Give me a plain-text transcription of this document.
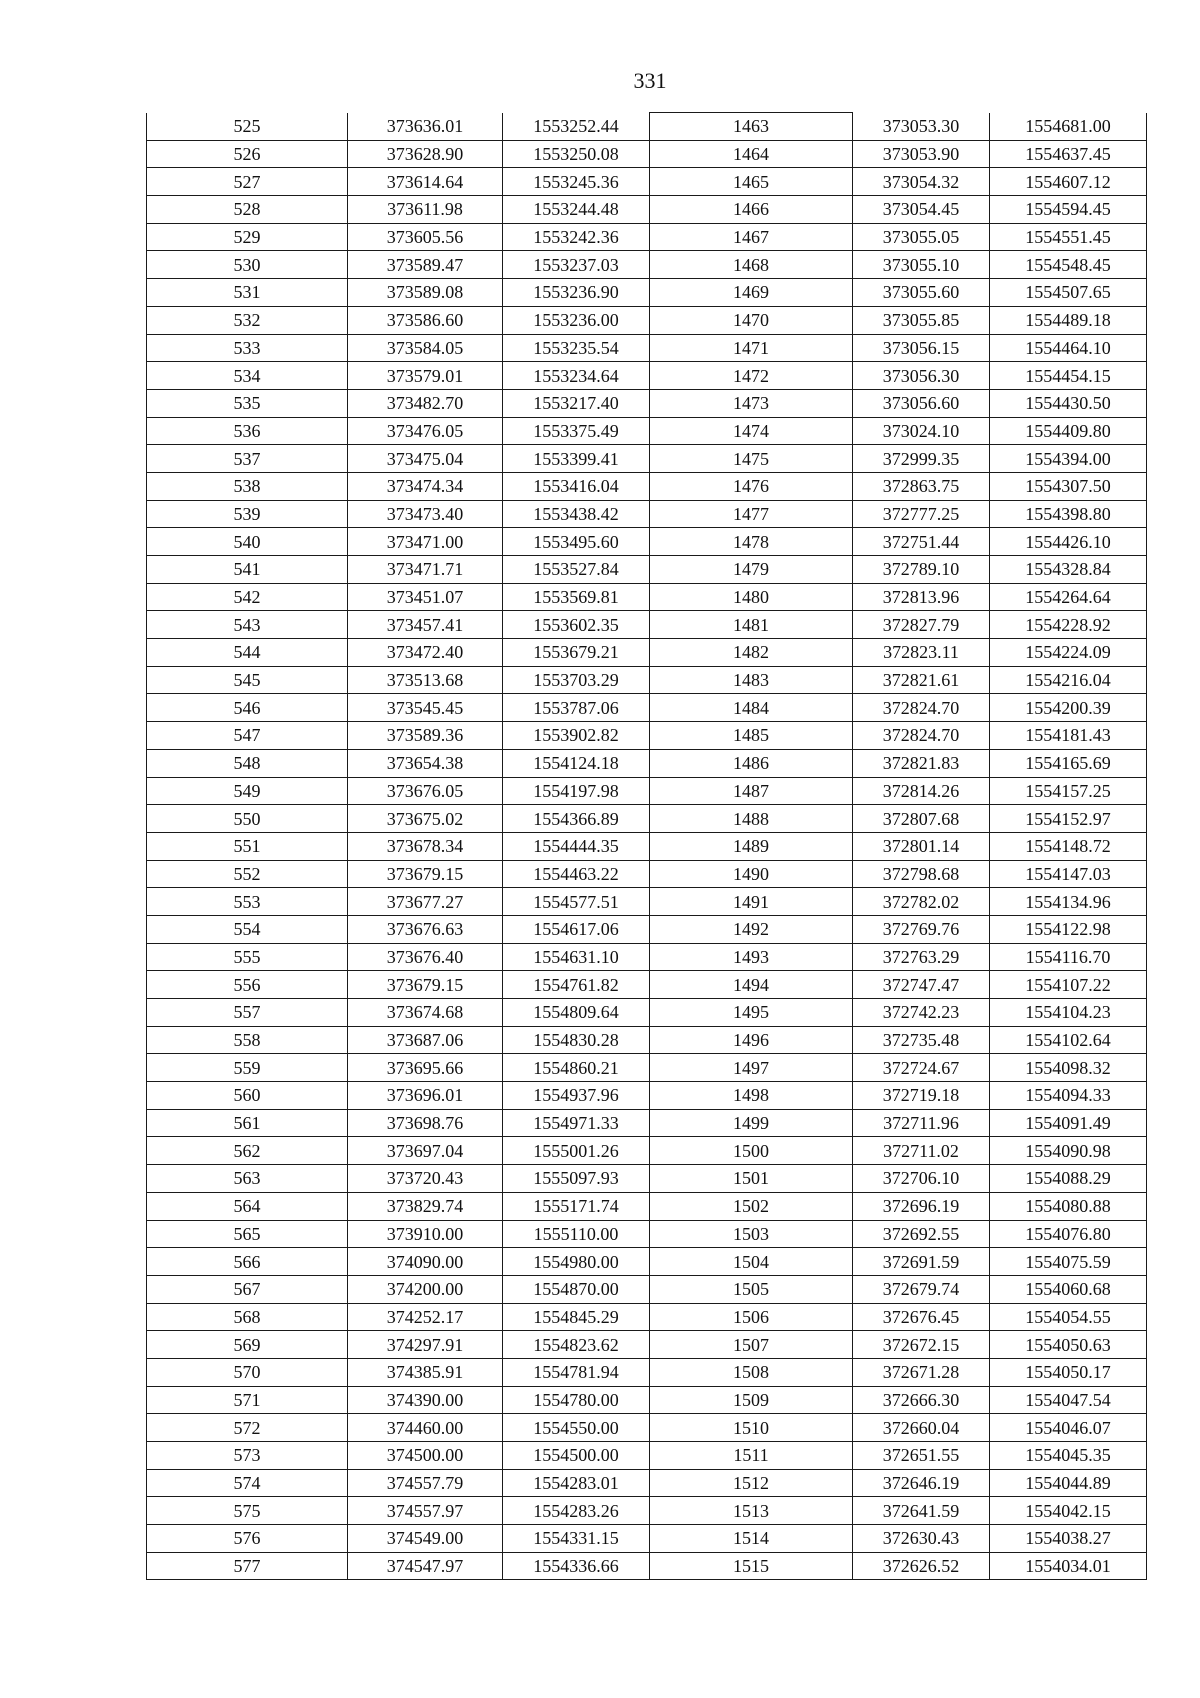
331
525	373636.01	1553252.44	1463	373053.30	1554681.00
526	373628.90	1553250.08	1464	373053.90	1554637.45
527	373614.64	1553245.36	1465	373054.32	1554607.12
528	373611.98	1553244.48	1466	373054.45	1554594.45
529	373605.56	1553242.36	1467	373055.05	1554551.45
530	373589.47	1553237.03	1468	373055.10	1554548.45
531	373589.08	1553236.90	1469	373055.60	1554507.65
532	373586.60	1553236.00	1470	373055.85	1554489.18
533	373584.05	1553235.54	1471	373056.15	1554464.10
534	373579.01	1553234.64	1472	373056.30	1554454.15
535	373482.70	1553217.40	1473	373056.60	1554430.50
536	373476.05	1553375.49	1474	373024.10	1554409.80
537	373475.04	1553399.41	1475	372999.35	1554394.00
538	373474.34	1553416.04	1476	372863.75	1554307.50
539	373473.40	1553438.42	1477	372777.25	1554398.80
540	373471.00	1553495.60	1478	372751.44	1554426.10
541	373471.71	1553527.84	1479	372789.10	1554328.84
542	373451.07	1553569.81	1480	372813.96	1554264.64
543	373457.41	1553602.35	1481	372827.79	1554228.92
544	373472.40	1553679.21	1482	372823.11	1554224.09
545	373513.68	1553703.29	1483	372821.61	1554216.04
546	373545.45	1553787.06	1484	372824.70	1554200.39
547	373589.36	1553902.82	1485	372824.70	1554181.43
548	373654.38	1554124.18	1486	372821.83	1554165.69
549	373676.05	1554197.98	1487	372814.26	1554157.25
550	373675.02	1554366.89	1488	372807.68	1554152.97
551	373678.34	1554444.35	1489	372801.14	1554148.72
552	373679.15	1554463.22	1490	372798.68	1554147.03
553	373677.27	1554577.51	1491	372782.02	1554134.96
554	373676.63	1554617.06	1492	372769.76	1554122.98
555	373676.40	1554631.10	1493	372763.29	1554116.70
556	373679.15	1554761.82	1494	372747.47	1554107.22
557	373674.68	1554809.64	1495	372742.23	1554104.23
558	373687.06	1554830.28	1496	372735.48	1554102.64
559	373695.66	1554860.21	1497	372724.67	1554098.32
560	373696.01	1554937.96	1498	372719.18	1554094.33
561	373698.76	1554971.33	1499	372711.96	1554091.49
562	373697.04	1555001.26	1500	372711.02	1554090.98
563	373720.43	1555097.93	1501	372706.10	1554088.29
564	373829.74	1555171.74	1502	372696.19	1554080.88
565	373910.00	1555110.00	1503	372692.55	1554076.80
566	374090.00	1554980.00	1504	372691.59	1554075.59
567	374200.00	1554870.00	1505	372679.74	1554060.68
568	374252.17	1554845.29	1506	372676.45	1554054.55
569	374297.91	1554823.62	1507	372672.15	1554050.63
570	374385.91	1554781.94	1508	372671.28	1554050.17
571	374390.00	1554780.00	1509	372666.30	1554047.54
572	374460.00	1554550.00	1510	372660.04	1554046.07
573	374500.00	1554500.00	1511	372651.55	1554045.35
574	374557.79	1554283.01	1512	372646.19	1554044.89
575	374557.97	1554283.26	1513	372641.59	1554042.15
576	374549.00	1554331.15	1514	372630.43	1554038.27
577	374547.97	1554336.66	1515	372626.52	1554034.01
